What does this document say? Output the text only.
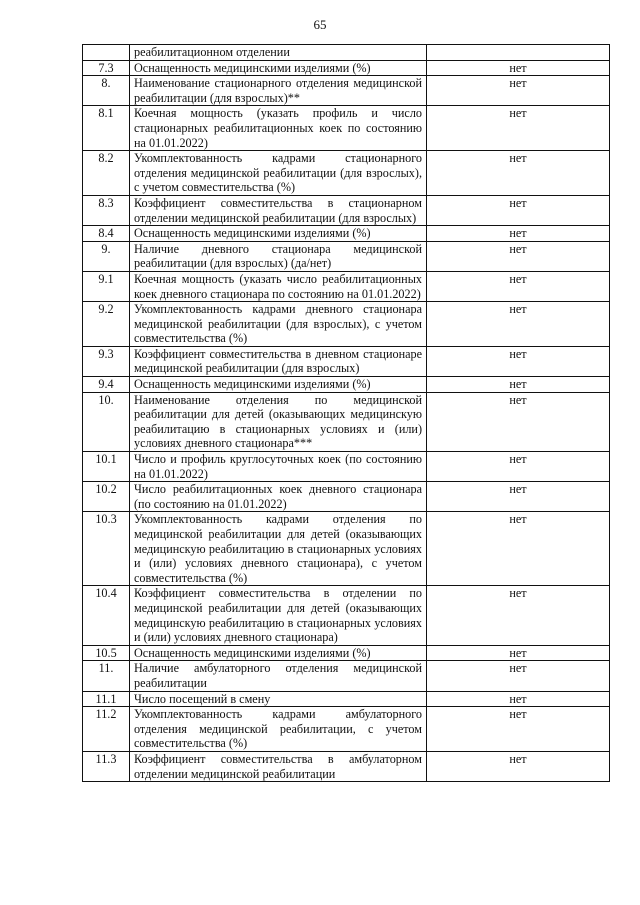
65
	реабилитационном отделении	
7.3	Оснащенность медицинскими изделиями (%)	нет
8.	Наименование стационарного отделения медицинской реабилитации (для взрослых)**	нет
8.1	Коечная мощность (указать профиль и число стационарных реабилитационных коек по состоянию на 01.01.2022)	нет
8.2	Укомплектованность кадрами стационарного отделения медицинской реабилитации (для взрослых), с учетом совместительства (%)	нет
8.3	Коэффициент совместительства в стационарном отделении медицинской реабилитации (для взрослых)	нет
8.4	Оснащенность медицинскими изделиями (%)	нет
9.	Наличие дневного стационара медицинской реабилитации (для взрослых) (да/нет)	нет
9.1	Коечная мощность (указать число реабилитационных коек дневного стационара по состоянию на 01.01.2022)	нет
9.2	Укомплектованность кадрами дневного стационара медицинской реабилитации (для взрослых), с учетом совместительства (%)	нет
9.3	Коэффициент совместительства в дневном стационаре медицинской реабилитации (для взрослых)	нет
9.4	Оснащенность медицинскими изделиями (%)	нет
10.	Наименование отделения по медицинской реабилитации для детей (оказывающих медицинскую реабилитацию в стационарных условиях и (или) условиях дневного стационара***	нет
10.1	Число и профиль круглосуточных коек (по состоянию на 01.01.2022)	нет
10.2	Число реабилитационных коек дневного стационара (по состоянию на 01.01.2022)	нет
10.3	Укомплектованность кадрами отделения по медицинской реабилитации для детей (оказывающих медицинскую реабилитацию в стационарных условиях и (или) условиях дневного стационара), с учетом совместительства (%)	нет
10.4	Коэффициент совместительства в отделении по медицинской реабилитации для детей (оказывающих медицинскую реабилитацию в стационарных условиях и (или) условиях дневного стационара)	нет
10.5	Оснащенность медицинскими изделиями (%)	нет
11.	Наличие амбулаторного отделения медицинской реабилитации	нет
11.1	Число посещений в смену	нет
11.2	Укомплектованность кадрами амбулаторного отделения медицинской реабилитации, с учетом совместительства (%)	нет
11.3	Коэффициент совместительства в амбулаторном отделении медицинской реабилитации	нет
